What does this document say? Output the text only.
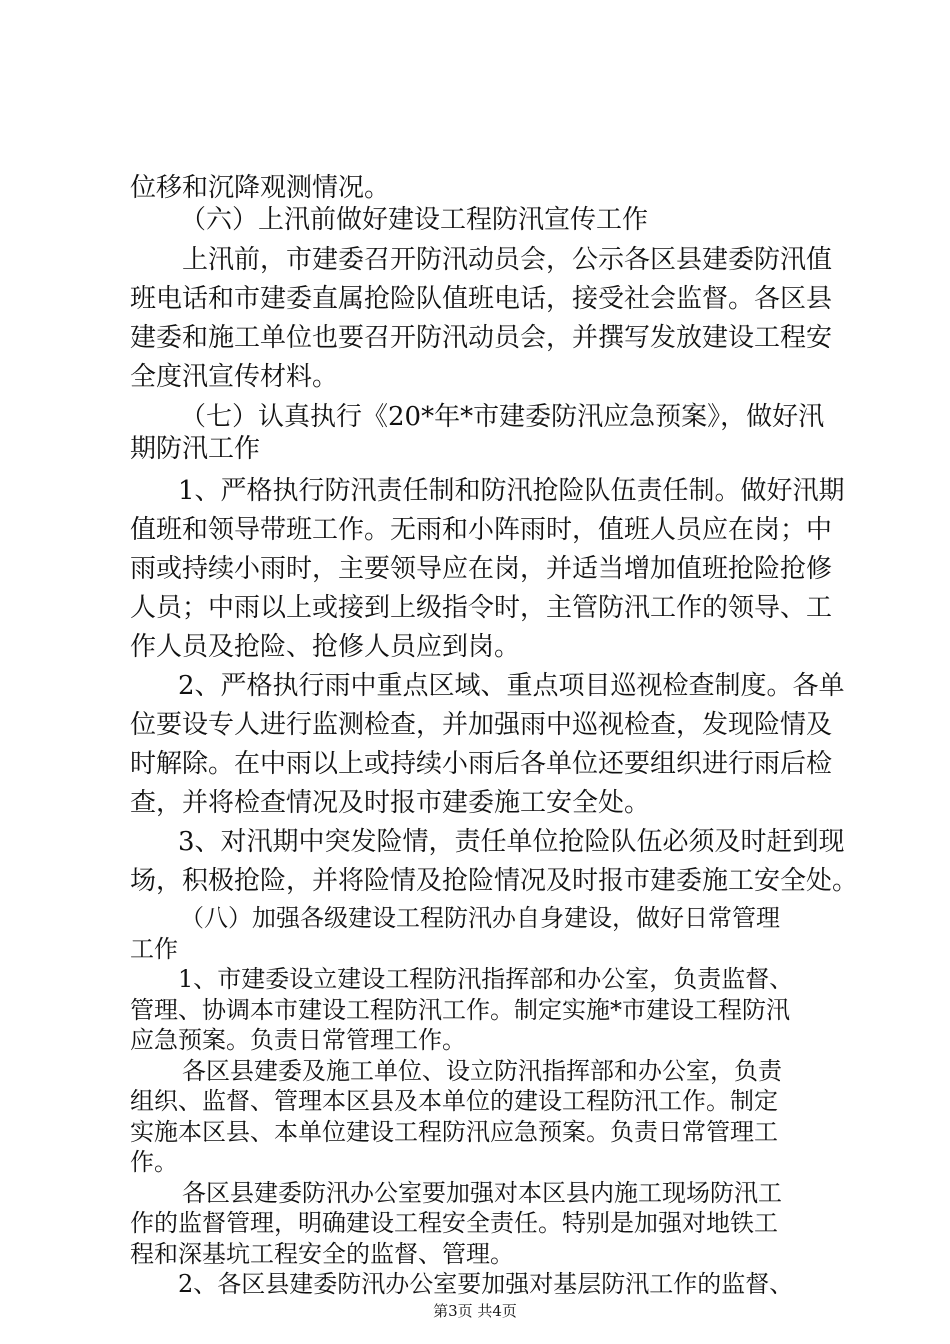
位移和沉降观测情况。
（六）上汛前做好建设工程防汛宣传工作
上汛前，市建委召开防汛动员会，公示各区县建委防汛值
班电话和市建委直属抢险队值班电话，接受社会监督。各区县
建委和施工单位也要召开防汛动员会，并撰写发放建设工程安
全度汛宣传材料。
（七）认真执行《20*年*市建委防汛应急预案》，做好汛
期防汛工作
1、严格执行防汛责任制和防汛抢险队伍责任制。做好汛期
值班和领导带班工作。无雨和小阵雨时，值班人员应在岗；中
雨或持续小雨时，主要领导应在岗，并适当增加值班抢险抢修
人员；中雨以上或接到上级指令时，主管防汛工作的领导、工
作人员及抢险、抢修人员应到岗。
2、严格执行雨中重点区域、重点项目巡视检查制度。各单
位要设专人进行监测检查，并加强雨中巡视检查，发现险情及
时解除。在中雨以上或持续小雨后各单位还要组织进行雨后检
查，并将检查情况及时报市建委施工安全处。
3、对汛期中突发险情，责任单位抢险队伍必须及时赶到现
场，积极抢险，并将险情及抢险情况及时报市建委施工安全处。
（八）加强各级建设工程防汛办自身建设，做好日常管理
工作
1、市建委设立建设工程防汛指挥部和办公室，负责监督、
管理、协调本市建设工程防汛工作。制定实施*市建设工程防汛
应急预案。负责日常管理工作。
各区县建委及施工单位、设立防汛指挥部和办公室，负责
组织、监督、管理本区县及本单位的建设工程防汛工作。制定
实施本区县、本单位建设工程防汛应急预案。负责日常管理工
作。
各区县建委防汛办公室要加强对本区县内施工现场防汛工
第3页 共4页
作的监督管理，明确建设工程安全责任。特别是加强对地铁工
程和深基坑工程安全的监督、管理。
2、各区县建委防汛办公室要加强对基层防汛工作的监督、
